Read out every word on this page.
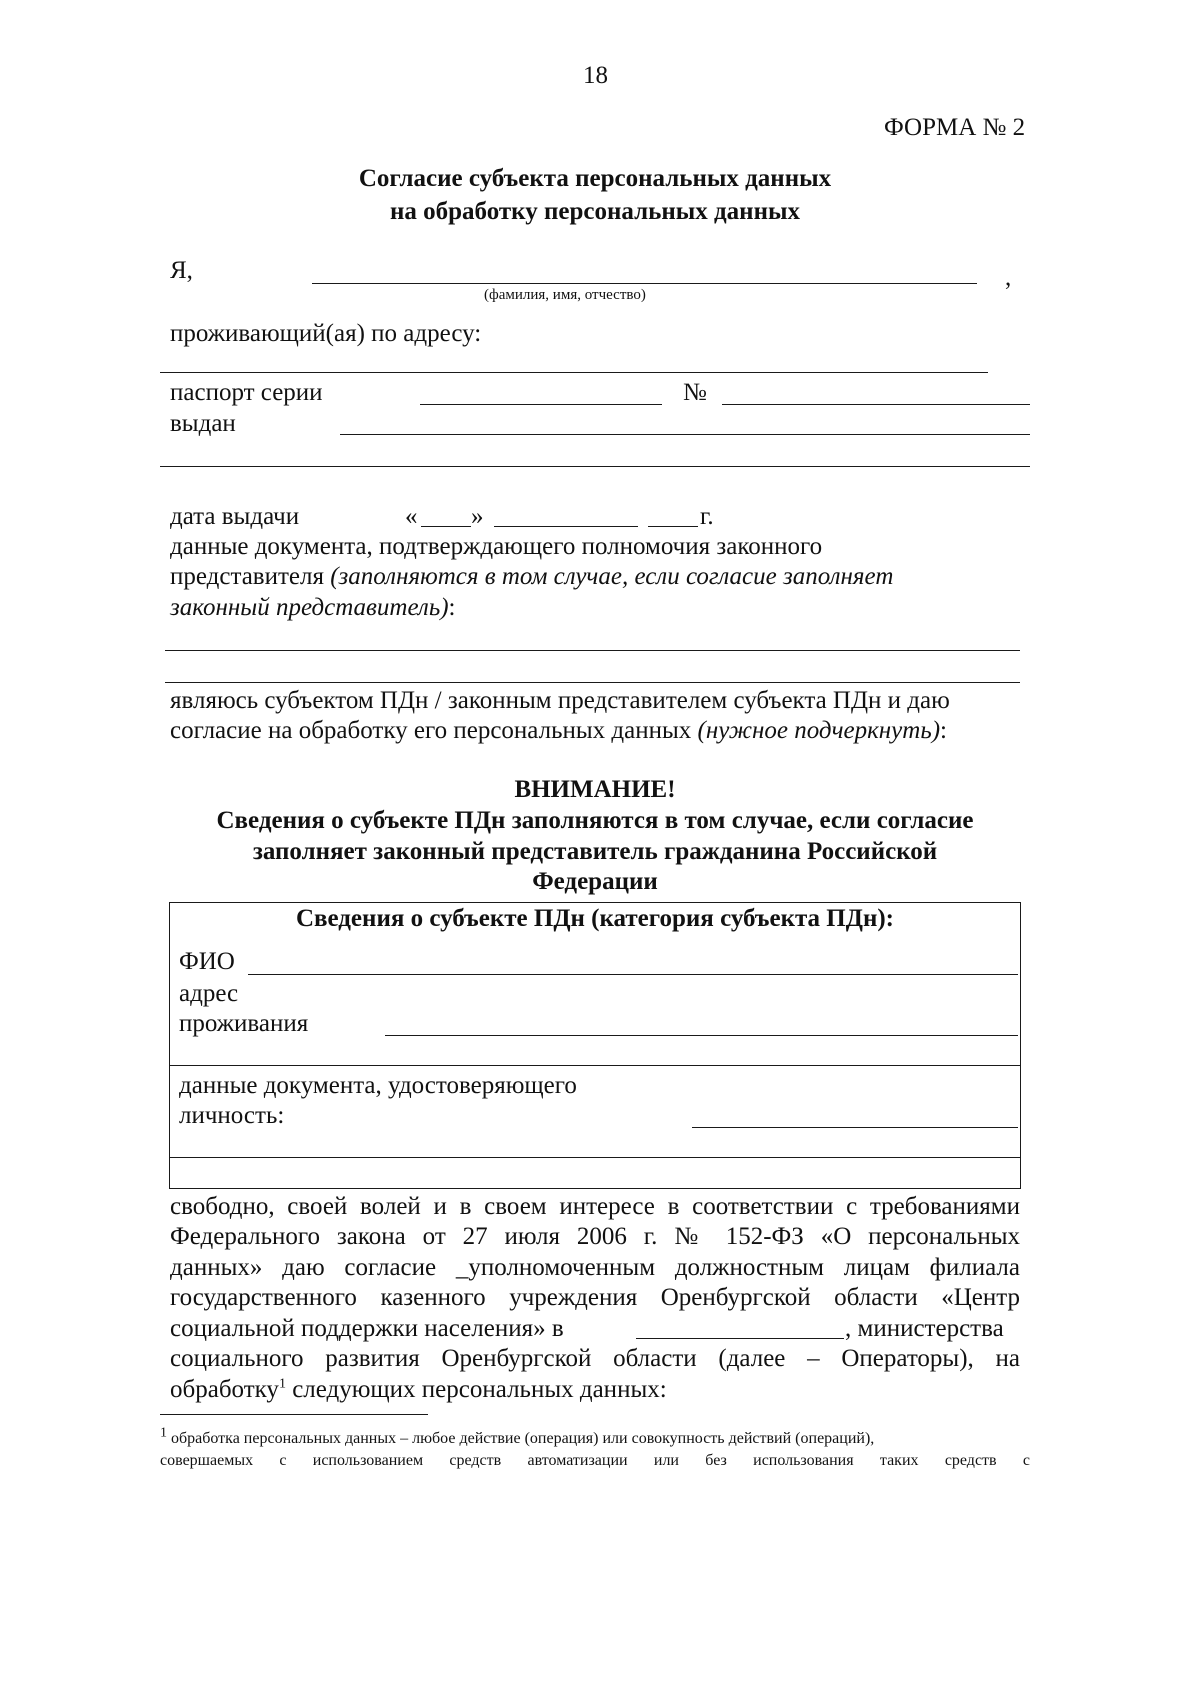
18
ФОРМА № 2
Согласие субъекта персональных данных
на обработку персональных данных
Я,	,
(фамилия, имя, отчество)
проживающий(ая) по адресу:
паспорт серии	№
выдан
дата выдачи	« »	г.
данные документа, подтверждающего полномочия законного
представителя (заполняются в том случае, если согласие заполняет
законный представитель):
являюсь субъектом ПДн / законным представителем субъекта ПДн и даю
согласие на обработку его персональных данных (нужное подчеркнуть):
ВНИМАНИЕ!
Сведения о субъекте ПДн заполняются в том случае, если согласие
заполняет законный представитель гражданина Российской
Федерации
Сведения о субъекте ПДн (категория субъекта ПДн):
ФИО
адрес
проживания
данные документа, удостоверяющего
личность:
свободно, своей волей и в своем интересе в соответствии с требованиями
Федерального закона от 27 июля 2006 г. № 152-ФЗ «О персональных
данных» даю согласие _уполномоченным должностным лицам филиала
государственного казенного учреждения Оренбургской области «Центр
социальной поддержки населения» в	, министерства
социального развития Оренбургской области (далее – Операторы), на
обработку$^1$ следующих персональных данных:
$^1$ обработка персональных данных – любое действие (операция) или совокупность действий (операций),
совершаемых с использованием средств автоматизации или без использования таких средств с
